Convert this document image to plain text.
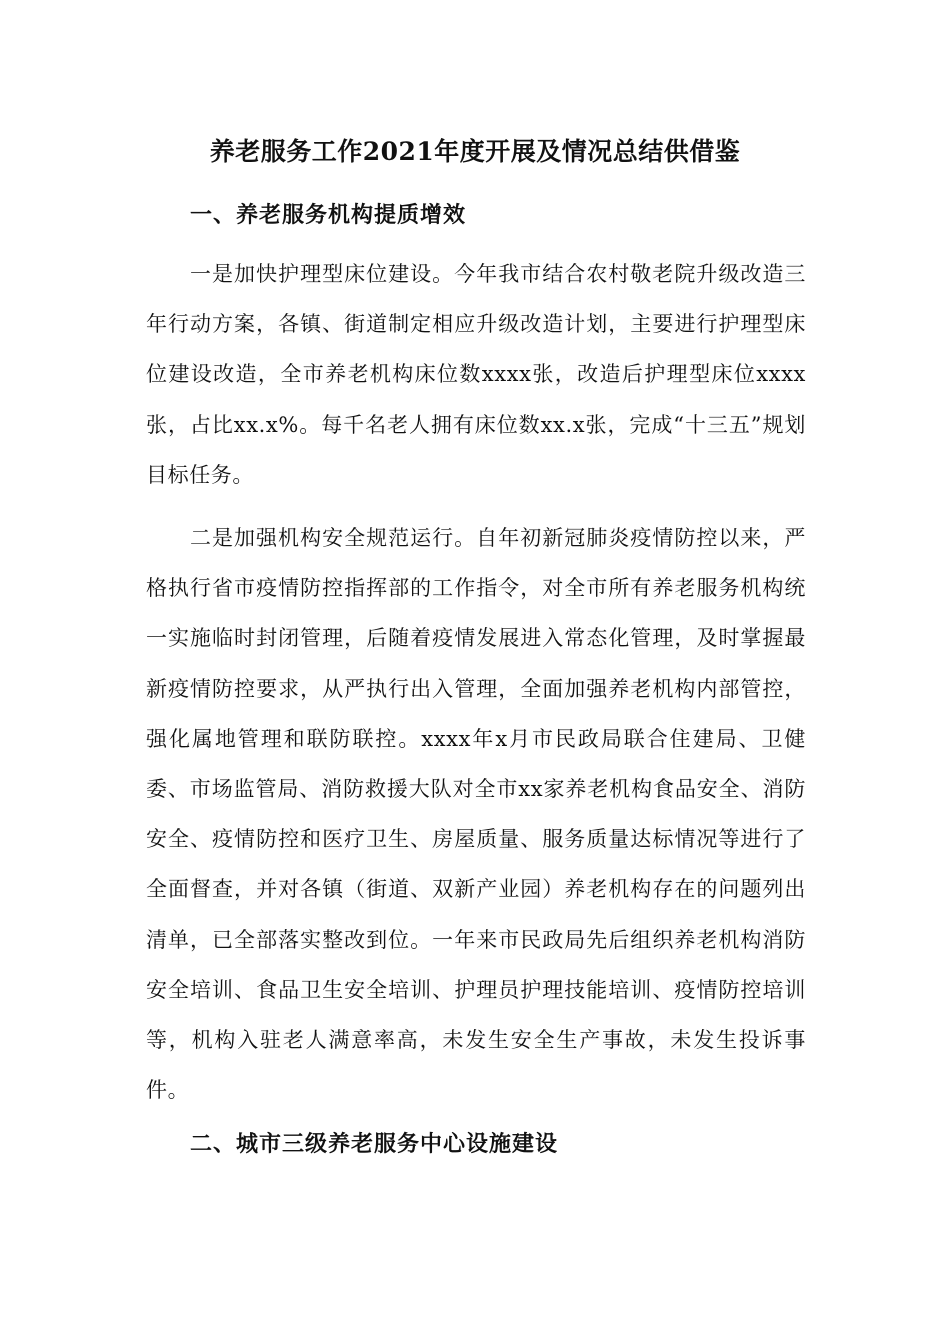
养老服务工作2021年度开展及情况总结供借鉴
一、养老服务机构提质增效

一是加快护理型床位建设。今年我市结合农村敬老院升级改造三年行动方案，各镇、街道制定相应升级改造计划，主要进行护理型床位建设改造，全市养老机构床位数xxxx张，改造后护理型床位xxxx张，占比xx.x%。每千名老人拥有床位数xx.x张，完成“十三五”规划目标任务。

二是加强机构安全规范运行。自年初新冠肺炎疫情防控以来，严格执行省市疫情防控指挥部的工作指令，对全市所有养老服务机构统一实施临时封闭管理，后随着疫情发展进入常态化管理，及时掌握最新疫情防控要求，从严执行出入管理，全面加强养老机构内部管控，强化属地管理和联防联控。xxxx年x月市民政局联合住建局、卫健委、市场监管局、消防救援大队对全市xx家养老机构食品安全、消防安全、疫情防控和医疗卫生、房屋质量、服务质量达标情况等进行了全面督查，并对各镇（街道、双新产业园）养老机构存在的问题列出清单，已全部落实整改到位。一年来市民政局先后组织养老机构消防安全培训、食品卫生安全培训、护理员护理技能培训、疫情防控培训等，机构入驻老人满意率高，未发生安全生产事故，未发生投诉事件。

二、城市三级养老服务中心设施建设
